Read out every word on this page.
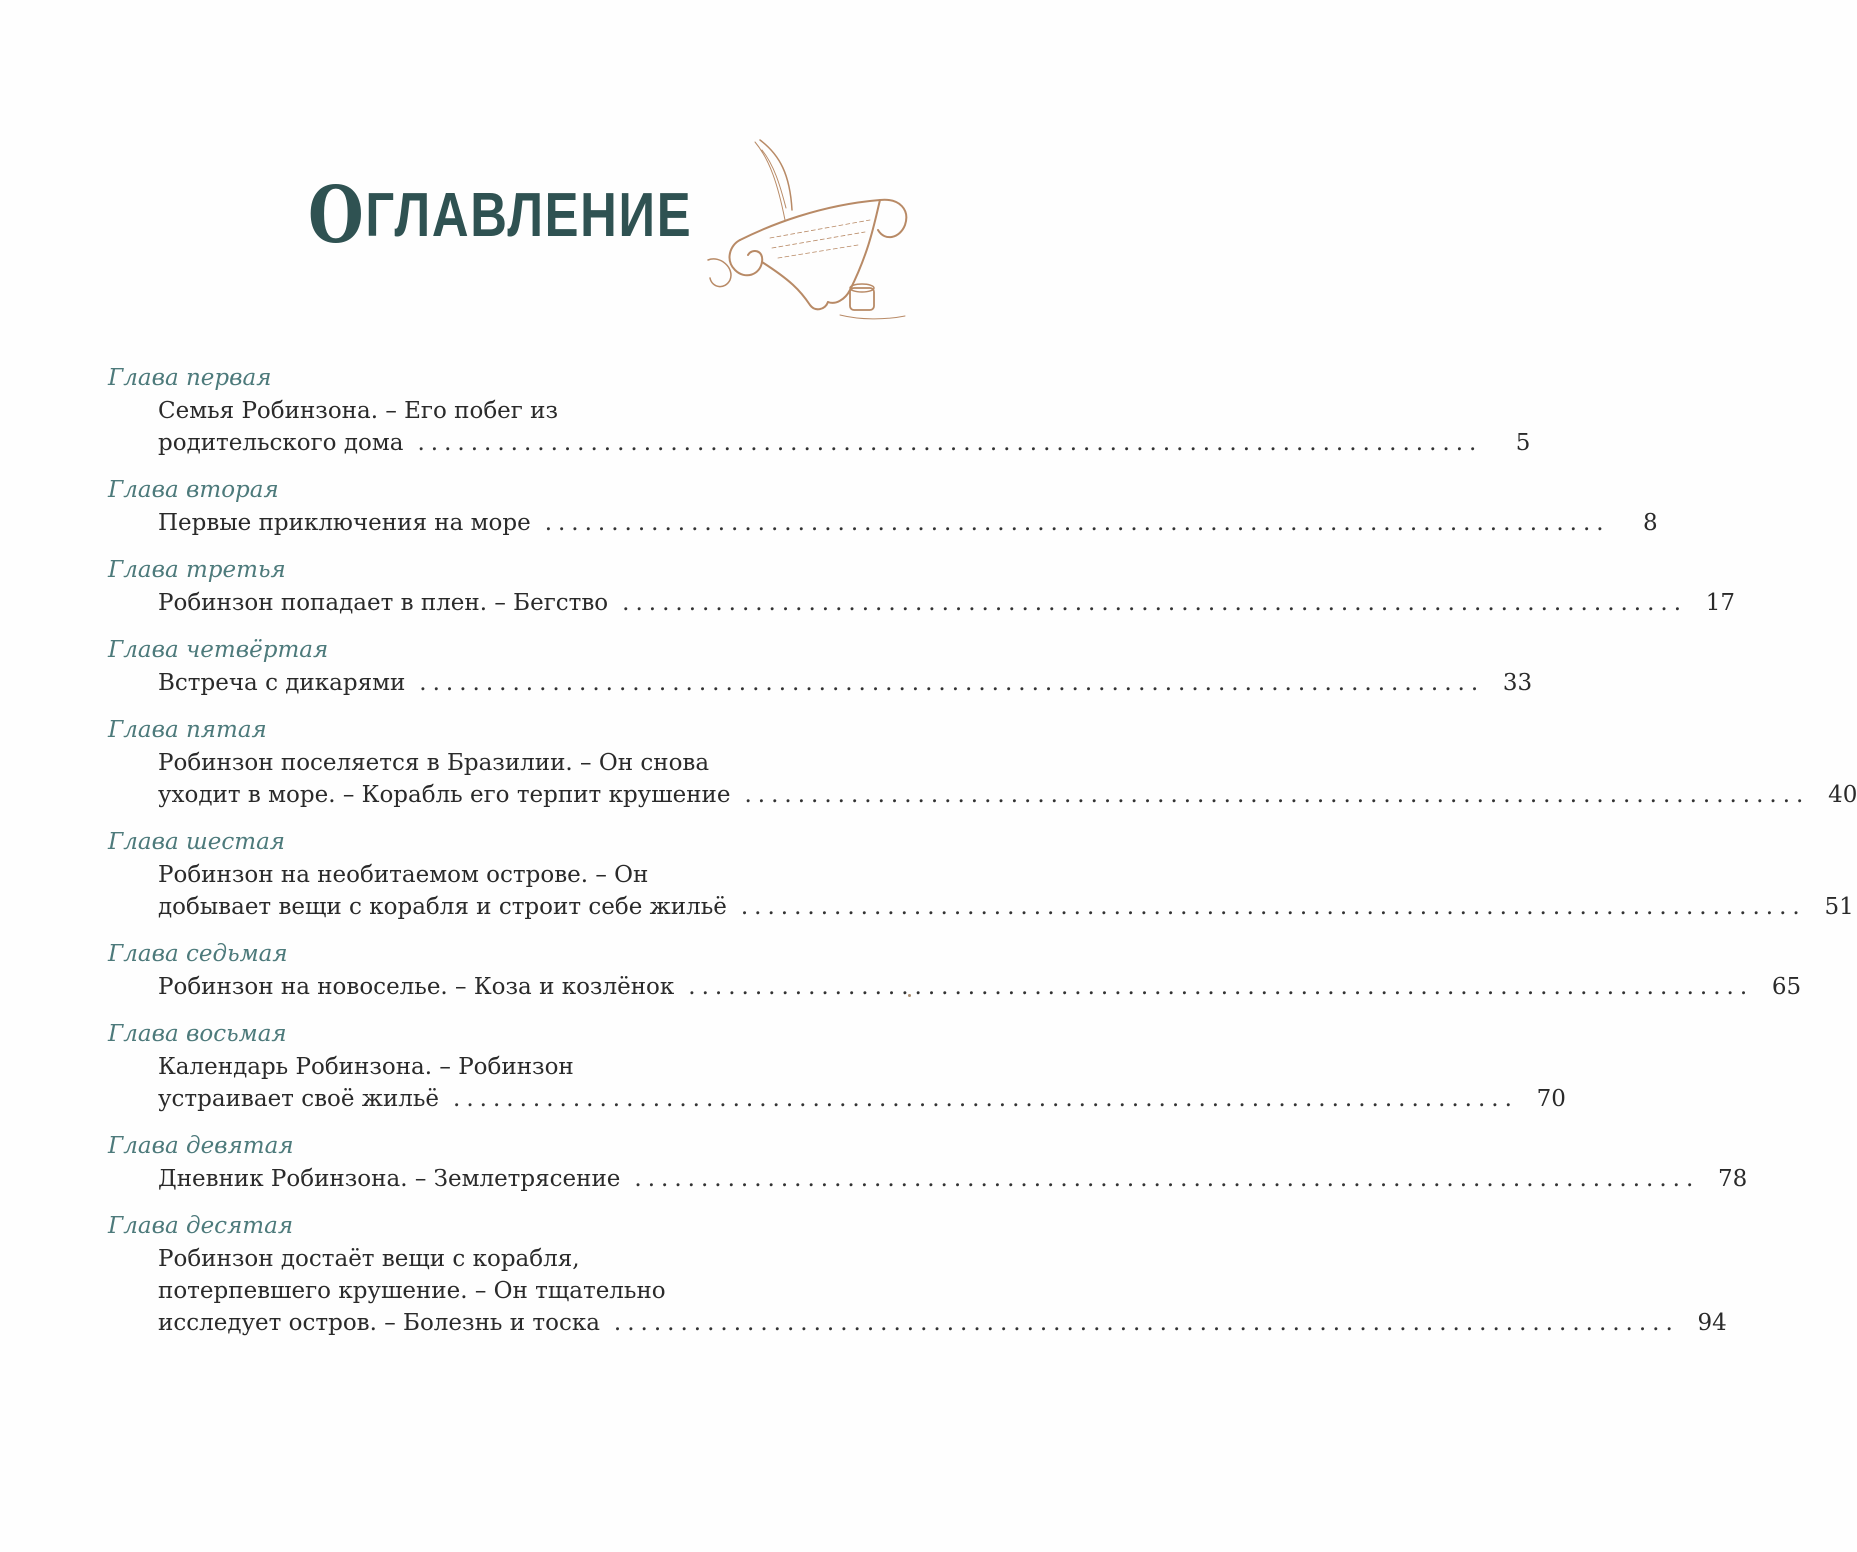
ОГЛАВЛЕНИЕ
Глава первая
Семья Робинзона. – Его побег из
родительского дома ................................................................................	5
Глава вторая
Первые приключения на море ................................................................................	8
Глава третья
Робинзон попадает в плен. – Бегство ................................................................................ 17
Глава четвёртая
Встреча с дикарями ................................................................................ 33
Глава пятая
Робинзон поселяется в Бразилии. – Он снова
уходит в море. – Корабль его терпит крушение ................................................................................ 40
Глава шестая
Робинзон на необитаемом острове. – Он
добывает вещи с корабля и строит себе жильё ................................................................................ 51
Глава седьмая
Робинзон на новоселье. – Коза и козлёнок ................................................................................ 65
Глава восьмая
Календарь Робинзона. – Робинзон
устраивает своё жильё ................................................................................ 70
Глава девятая
Дневник Робинзона. – Землетрясение ................................................................................ 78
Глава десятая
Робинзон достаёт вещи с корабля,
потерпевшего крушение. – Он тщательно
исследует остров. – Болезнь и тоска ................................................................................ 94
